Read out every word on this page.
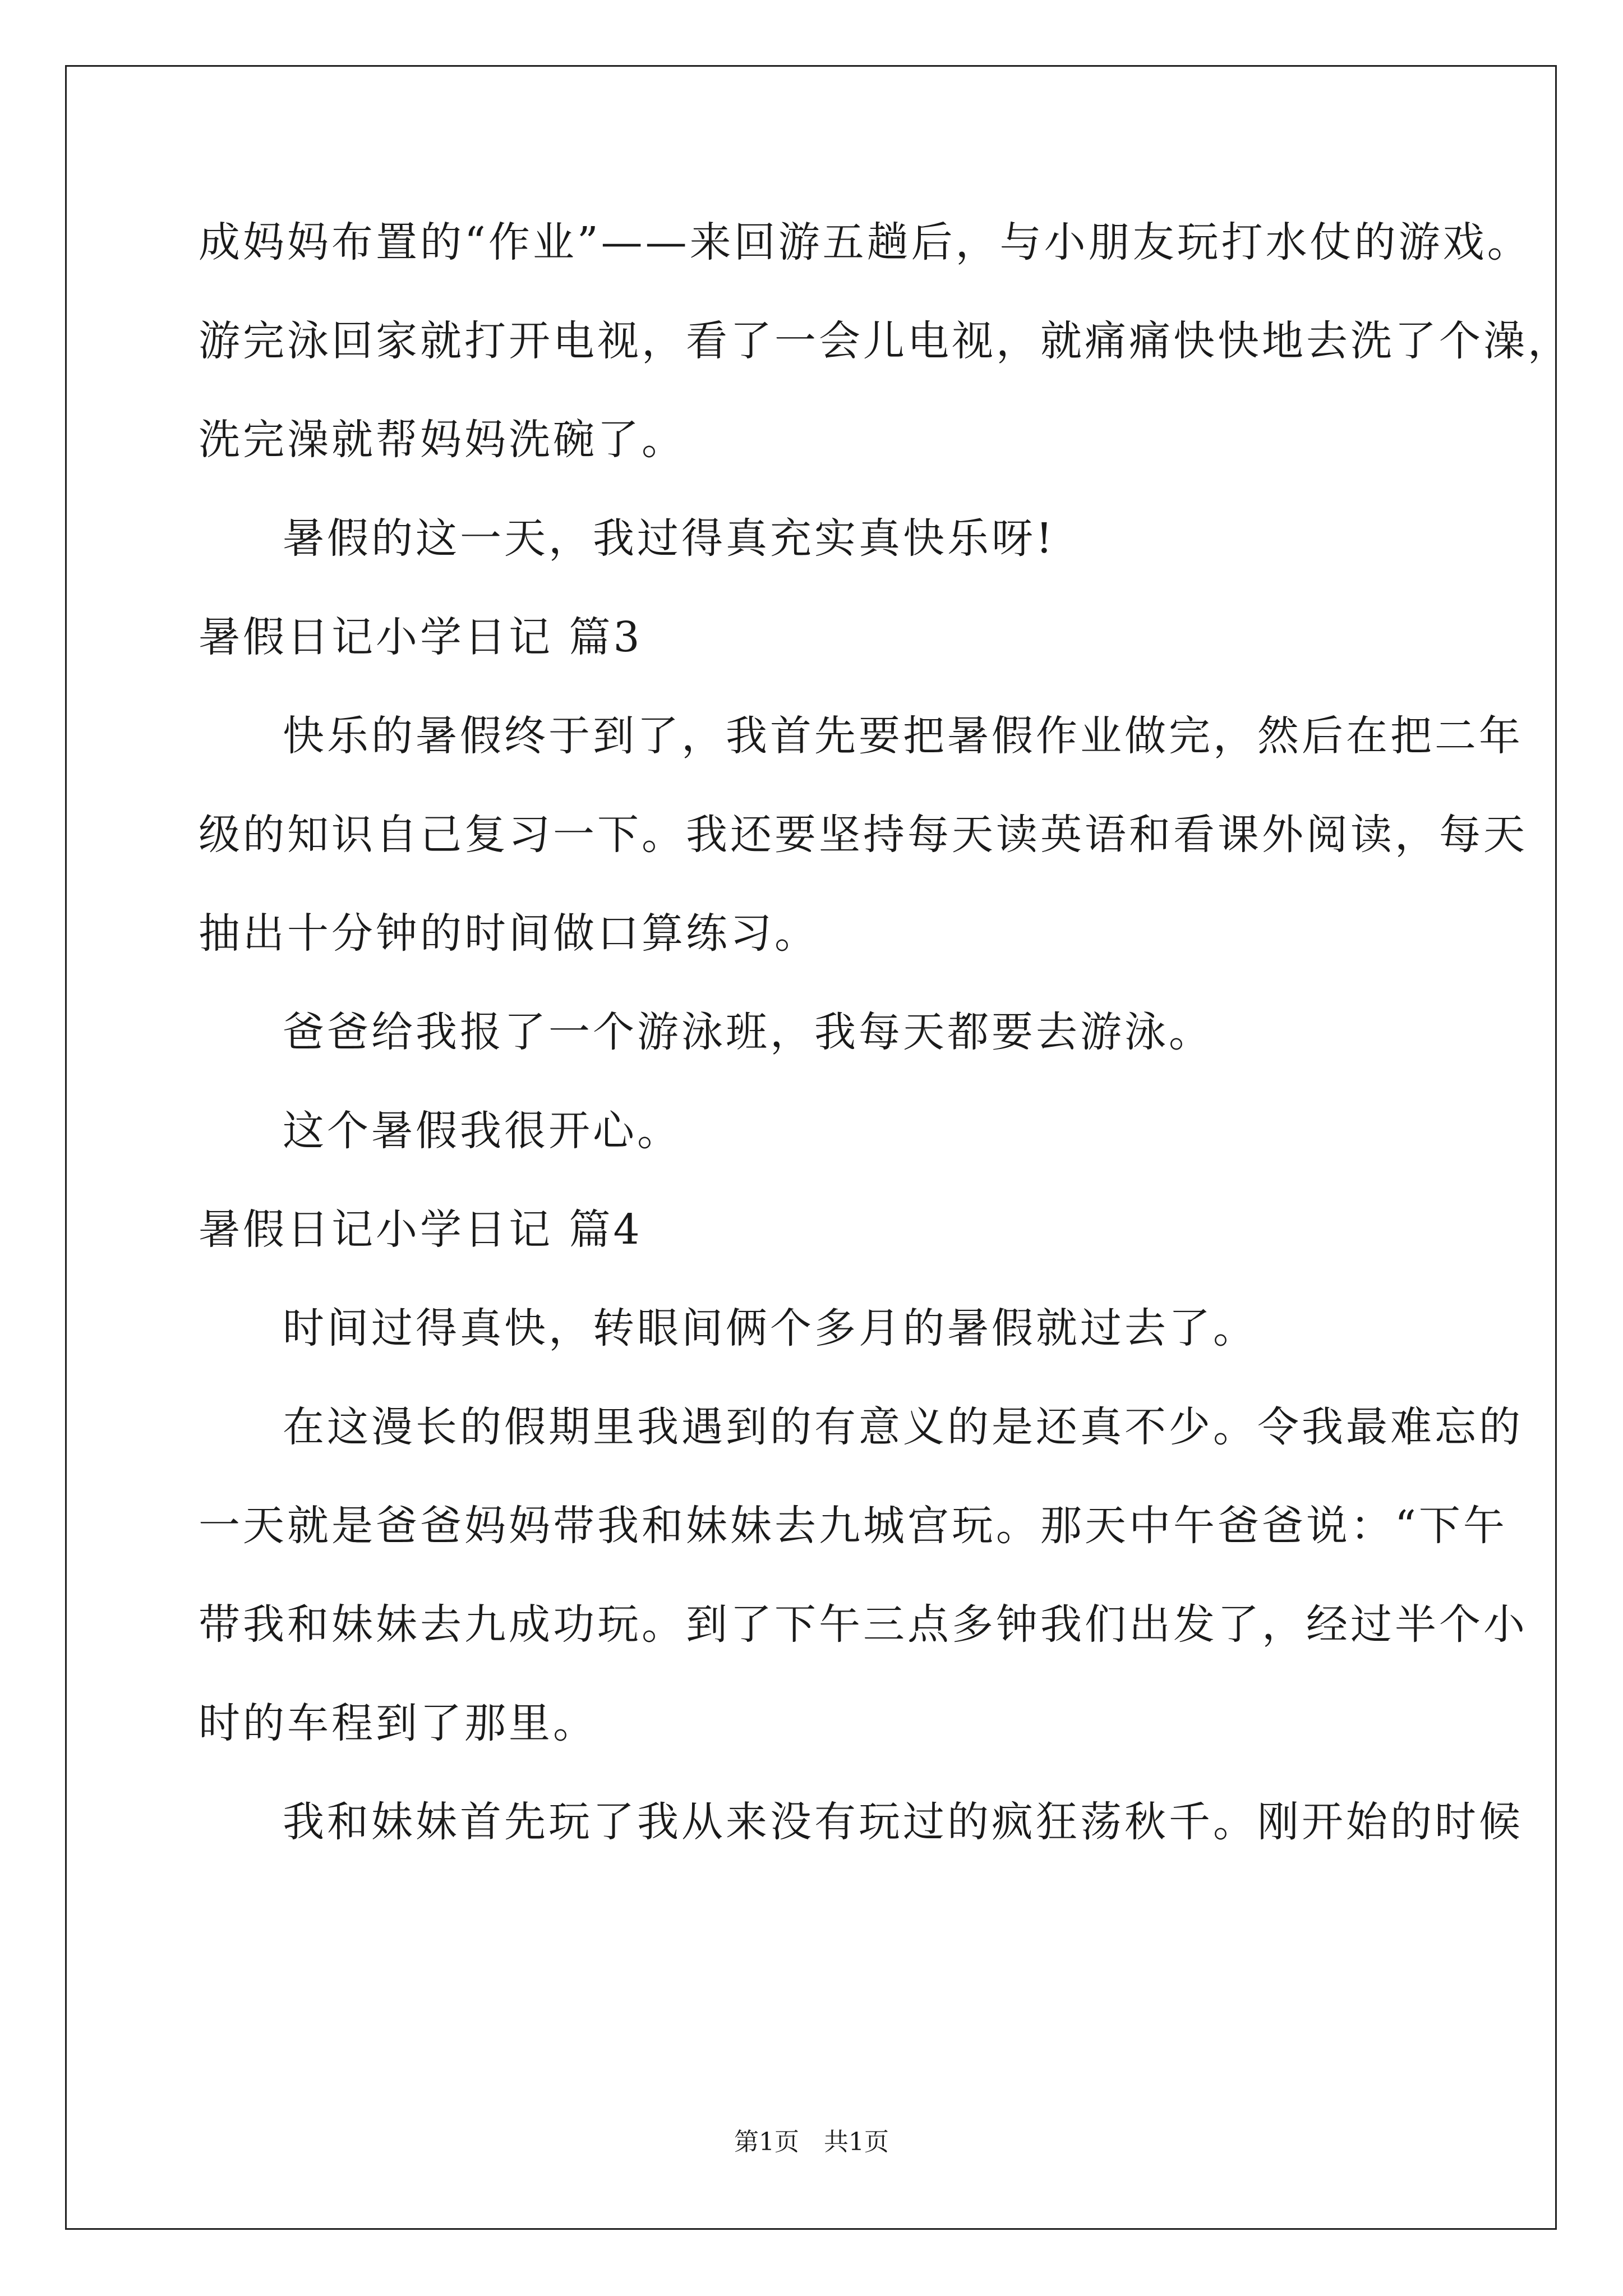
成妈妈布置的“作业”——来回游五趟后，与小朋友玩打水仗的游戏。
游完泳回家就打开电视，看了一会儿电视，就痛痛快快地去洗了个澡，
洗完澡就帮妈妈洗碗了。
暑假的这一天，我过得真充实真快乐呀!
暑假日记小学日记 篇3
快乐的暑假终于到了，我首先要把暑假作业做完，然后在把二年
级的知识自己复习一下。我还要坚持每天读英语和看课外阅读，每天
抽出十分钟的时间做口算练习。
爸爸给我报了一个游泳班，我每天都要去游泳。
这个暑假我很开心。
暑假日记小学日记 篇4
时间过得真快，转眼间俩个多月的暑假就过去了。
在这漫长的假期里我遇到的有意义的是还真不少。令我最难忘的
一天就是爸爸妈妈带我和妹妹去九城宫玩。那天中午爸爸说：“下午
带我和妹妹去九成功玩。到了下午三点多钟我们出发了，经过半个小
时的车程到了那里。
我和妹妹首先玩了我从来没有玩过的疯狂荡秋千。刚开始的时候
第1页　共1页
